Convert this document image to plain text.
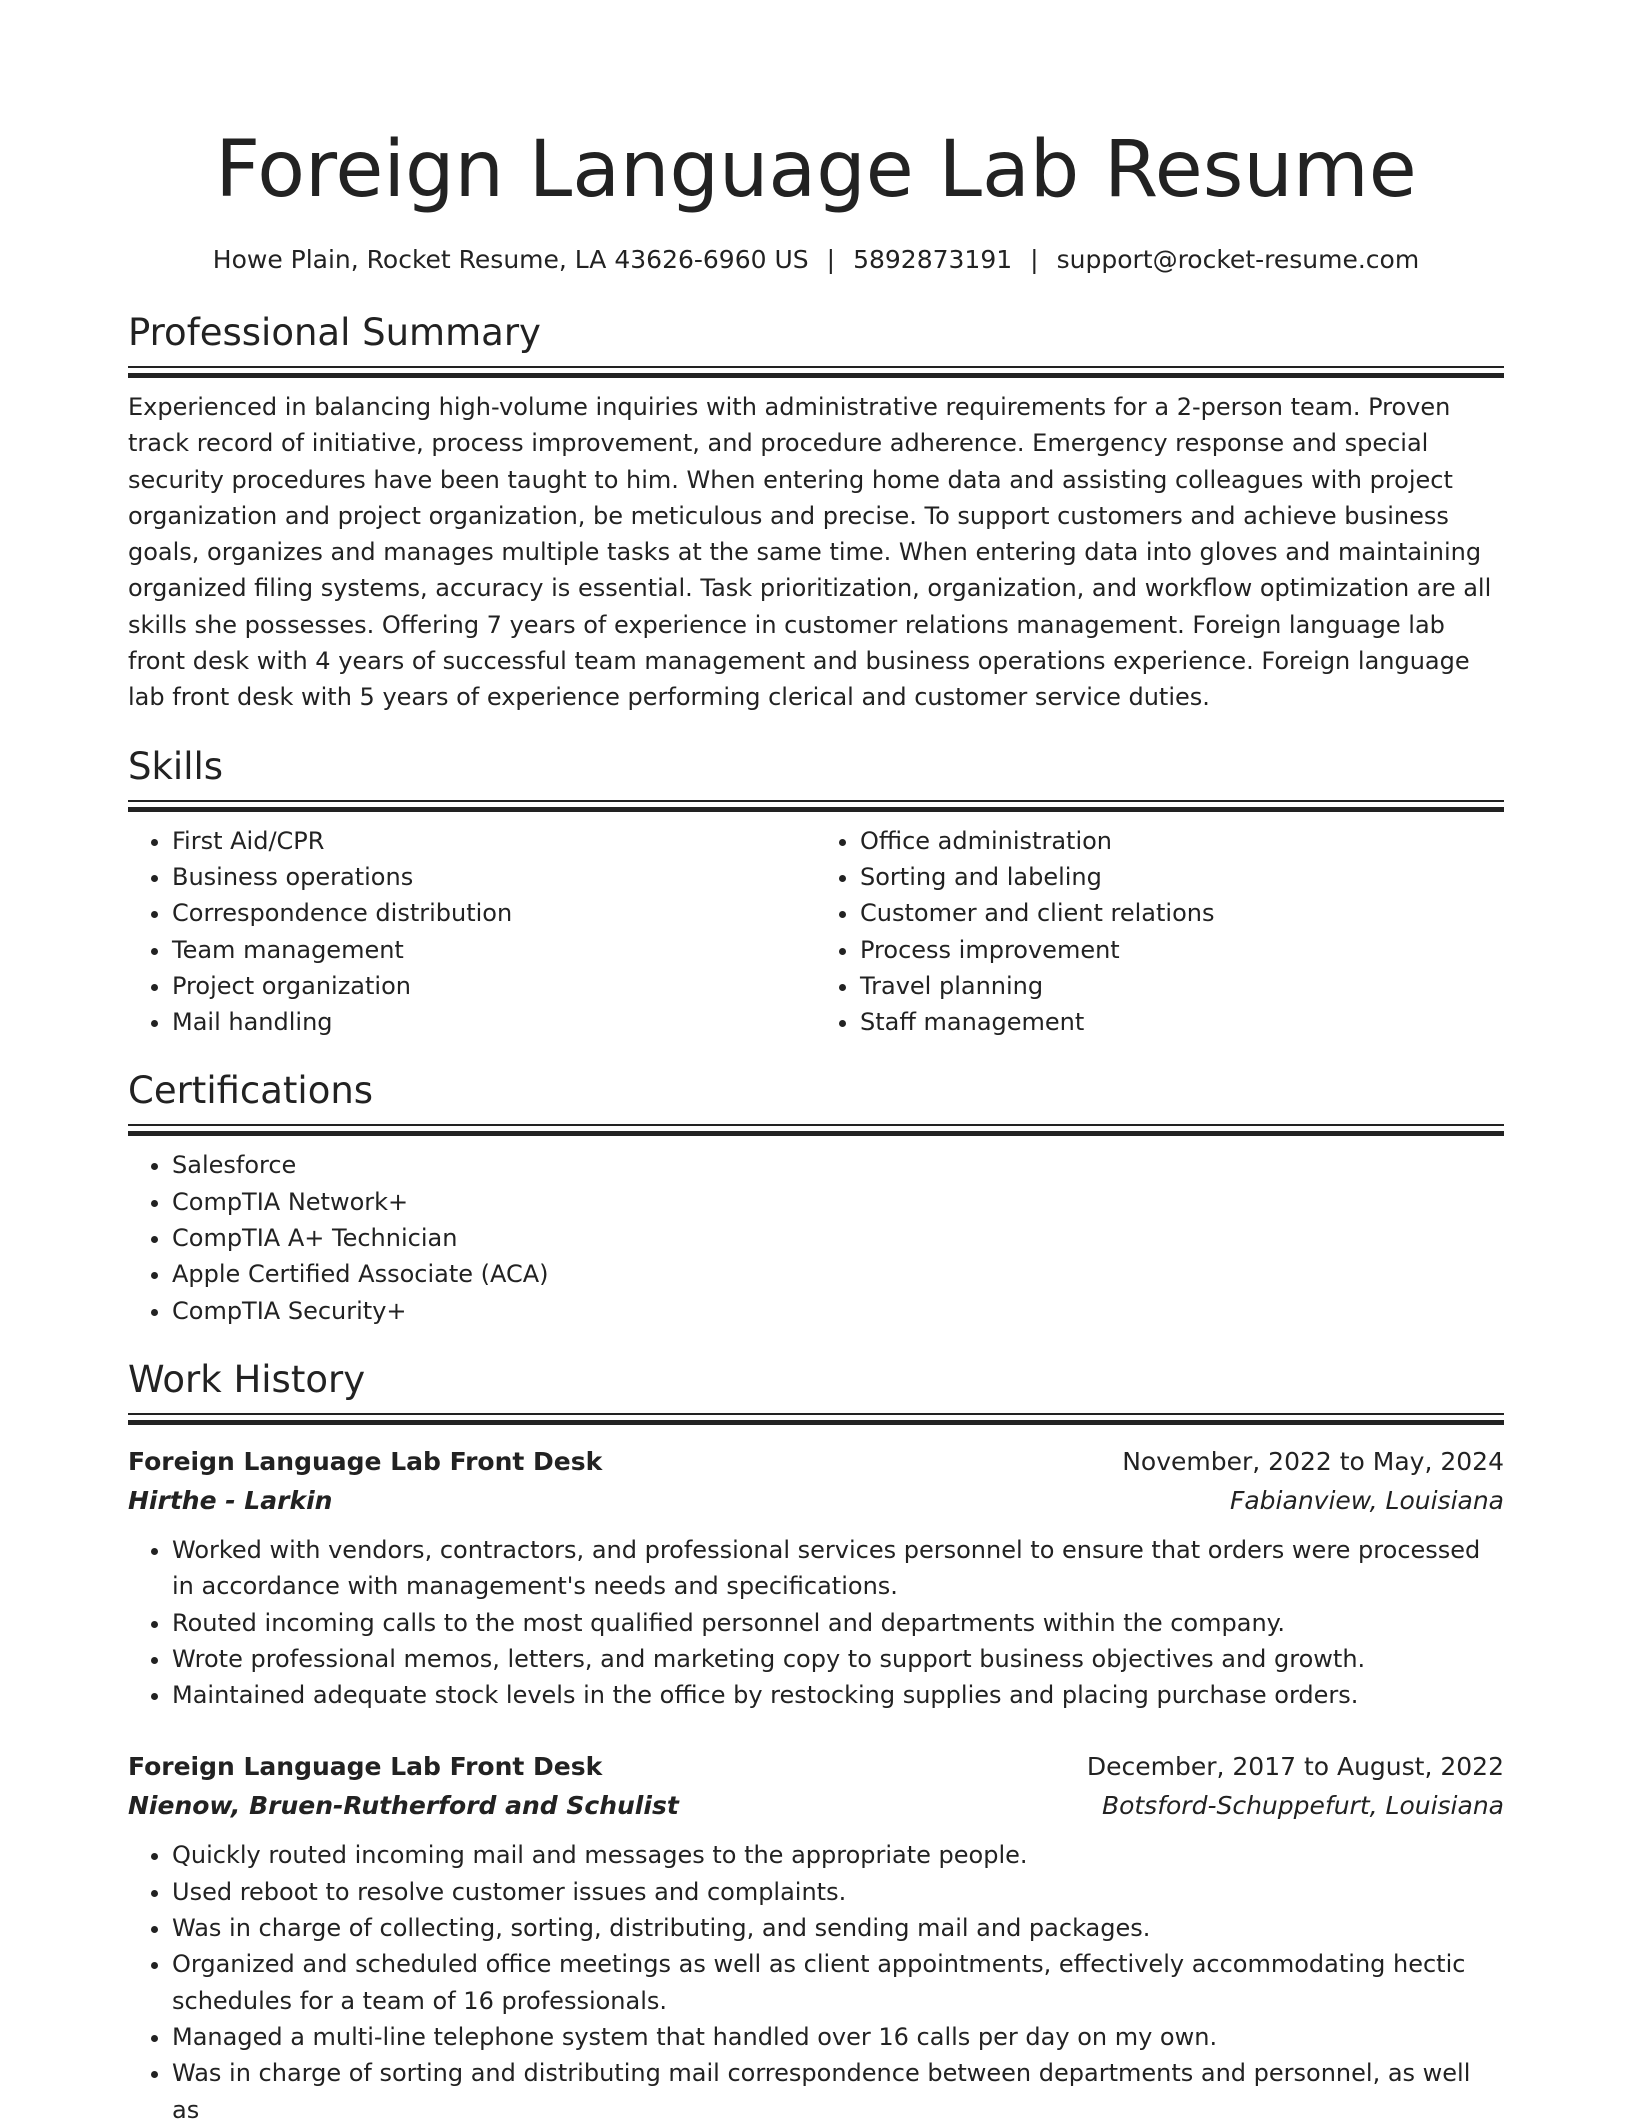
Foreign Language Lab Resume
Howe Plain, Rocket Resume, LA 43626-6960 US | 5892873191 | support@rocket-resume.com
Professional Summary
Experienced in balancing high-volume inquiries with administrative requirements for a 2-person team. Proven track record of initiative, process improvement, and procedure adherence. Emergency response and special security procedures have been taught to him. When entering home data and assisting colleagues with project organization and project organization, be meticulous and precise. To support customers and achieve business goals, organizes and manages multiple tasks at the same time. When entering data into gloves and maintaining organized filing systems, accuracy is essential. Task prioritization, organization, and workflow optimization are all skills she possesses. Offering 7 years of experience in customer relations management. Foreign language lab front desk with 4 years of successful team management and business operations experience. Foreign language lab front desk with 5 years of experience performing clerical and customer service duties.
Skills
• First Aid/CPR
• Business operations
• Correspondence distribution
• Team management
• Project organization
• Mail handling
• Office administration
• Sorting and labeling
• Customer and client relations
• Process improvement
• Travel planning
• Staff management
Certifications
• Salesforce
• CompTIA Network+
• CompTIA A+ Technician
• Apple Certified Associate (ACA)
• CompTIA Security+
Work History
Foreign Language Lab Front Desk	November, 2022 to May, 2024
Hirthe - Larkin	Fabianview, Louisiana
• Worked with vendors, contractors, and professional services personnel to ensure that orders were processed in accordance with management's needs and specifications.
• Routed incoming calls to the most qualified personnel and departments within the company.
• Wrote professional memos, letters, and marketing copy to support business objectives and growth.
• Maintained adequate stock levels in the office by restocking supplies and placing purchase orders.
Foreign Language Lab Front Desk	December, 2017 to August, 2022
Nienow, Bruen-Rutherford and Schulist	Botsford-Schuppefurt, Louisiana
• Quickly routed incoming mail and messages to the appropriate people.
• Used reboot to resolve customer issues and complaints.
• Was in charge of collecting, sorting, distributing, and sending mail and packages.
• Organized and scheduled office meetings as well as client appointments, effectively accommodating hectic schedules for a team of 16 professionals.
• Managed a multi-line telephone system that handled over 16 calls per day on my own.
• Was in charge of sorting and distributing mail correspondence between departments and personnel, as well as
